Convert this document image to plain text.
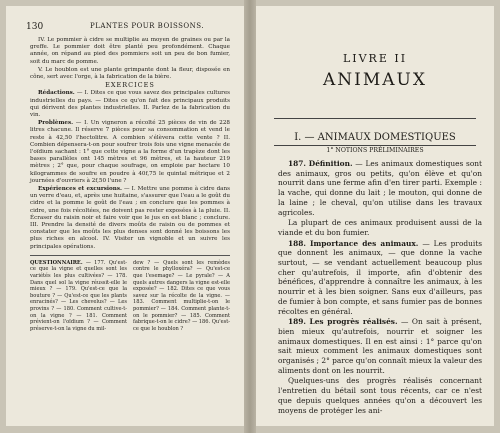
130	PLANTES POUR BOISSONS.

IV. Le pommier à cidre se multiplie au moyen de graines ou par la greffe. Le pommier doit être planté peu profondément. Chaque année, on répand au pied des pommiers soit un peu de bon fumier, soit du marc de pomme.

V. Le houblon est une plante grimpante dont la fleur, disposée en cône, sert avec l'orge, à la fabrication de la bière.

EXERCICES

Rédactions. — I. Dites ce que vous savez des principales cultures industrielles du pays. — Dites ce qu'on fait des principaux produits qui dérivent des plantes industrielles. II. Parlez de la fabrication du vin.

Problèmes. — I. Un vigneron a récolté 25 pièces de vin de 228 litres chacune. Il réserve 7 pièces pour sa consommation et vend le reste à 42,50 l'hectolitre. A combien s'élèvera cette vente ? II. Combien dépensera-t-on pour soufrer trois fois une vigne menacée de l'oïdium sachant : 1° que cette vigne a la forme d'un trapèze dont les bases parallèles ont 145 mètres et 96 mètres, et la hauteur 219 mètres ; 2° que, pour chaque soufrage, on emploie par hectare 10 kilogrammes de soufre en poudre à 40f,75 le quintal métrique et 2 journées d'ouvriers à 2f,50 l'une ?

Expériences et excursions. — I. Mettre une pomme à cidre dans un verre d'eau, et, après une huitaine, s'assurer que l'eau a le goût du cidre et la pomme le goût de l'eau ; en conclure que les pommes à cidre, une fois récoltées, ne doivent pas rester exposées à la pluie. II. Écraser du raisin noir et faire voir que le jus en est blanc ; conclure. III. Prendre la densité de divers moûts de raisin ou de pommes et constater que les moûts les plus denses sont donné les boissons les plus riches en alcool. IV. Visiter un vignoble et un suivre les principales opérations.

QUESTIONNAIRE. — 177. Qu'est-ce que la vigne et quelles sont les variétés les plus cultivées? — 178. Dans quel sol la vigne réussit-elle le mieux ? — 179. Qu'est-ce que la bouture ? — Qu'est-ce que les plants enracinés? — Les chevelus? — Les provins ? — 180. Comment cultive-t-on la vigne ? — 181. Comment prévient-on l'oïdium ? — Comment préserve-t-on la vigne du mil-
dew ? — Quels sont les remèdes contre le phylloxéra? — Qu'est-ce que l'esemage? — Le pyrale? — A quels autres dangers la vigne est-elle exposée? — 182. Dites ce que vous savez sur la récolte de la vigne. — 183. Comment multiplie-t-on le pommier? — 184. Comment plante-t-on le pommier? — 185. Comment fabrique-t-on le cidre? — 186. Qu'est-ce que le houblon ?
LIVRE II
ANIMAUX
I. — ANIMAUX DOMESTIQUES
1° NOTIONS PRÉLIMINAIRES

187. Définition. — Les animaux domestiques sont des animaux, gros ou petits, qu'on élève et qu'on nourrit dans une ferme afin d'en tirer parti. Exemple : la vache, qui donne du lait ; le mouton, qui donne de la laine ; le cheval, qu'on utilise dans les travaux agricoles.

La plupart de ces animaux produisent aussi de la viande et du bon fumier.

188. Importance des animaux. — Les produits que donnent les animaux, — que donne la vache surtout, — se vendant actuellement beaucoup plus cher qu'autrefois, il importe, afin d'obtenir des bénéfices, d'apprendre à connaître les animaux, à les nourrir et à les bien soigner. Sans eux d'ailleurs, pas de fumier à bon compte, et sans fumier pas de bonnes récoltes en général.

189. Les progrès réalisés. — On sait à présent, bien mieux qu'autrefois, nourrir et soigner les animaux domestiques. Il en est ainsi : 1° parce qu'on sait mieux comment les animaux domestiques sont organisés ; 2° parce qu'on connaît mieux la valeur des aliments dont on les nourrit.

Quelques-uns des progrès réalisés concernant l'entretien du bétail sont tous récents, car ce n'est que depuis quelques années qu'on a découvert les moyens de protéger les ani-
